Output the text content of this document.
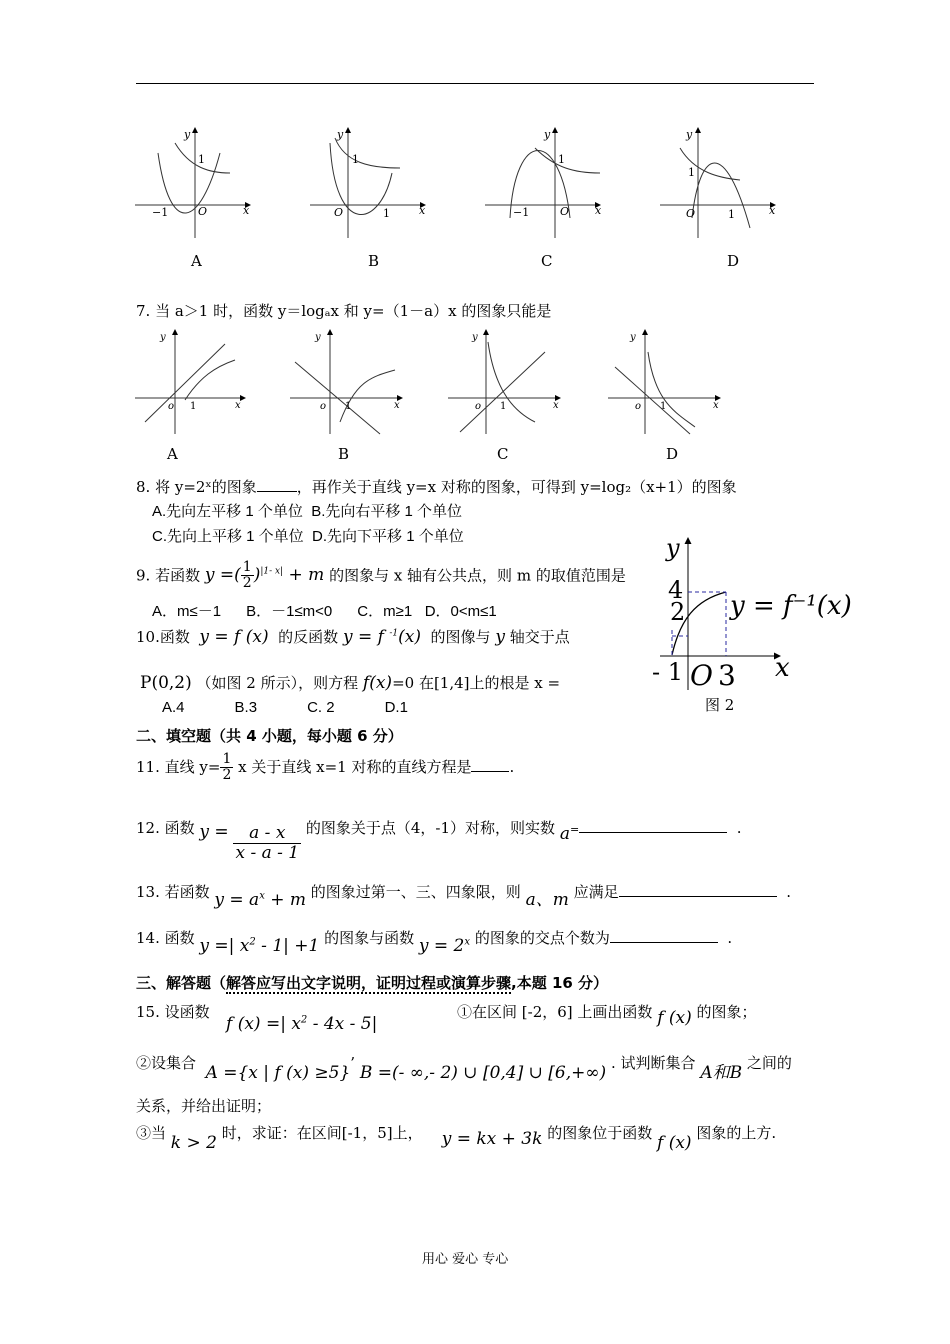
−1	O
1
x
y
O	1
1
x
y
−1	O
1
x
y
O	1
1
x
y
A	B	C	D
7. 当 a＞1 时，函数 y＝logₐx 和 y=（1－a）x 的图象只能是
y
o 1	x
y
o 1	x
y
o 1	x
y
o 1	x
A	B	C	D
8. 将 y=2ˣ的图象	，再作关于直线 y=x 对称的图象，可得到 y=log₂（x+1）的图象
A.先向左平移 1 个单位 B.先向右平移 1 个单位
C.先向上平移 1 个单位 D.先向下平移 1 个单位
9. 若函数 y =( $\frac{1}{2} )^{|1- x|} + m$ 的图象与 x 轴有公共点，则 m 的取值范围是
A．m≤－1 B．－1≤m<0 C．m≥1 D．0<m≤1
10.函数 y = f (x) 的反函数 y = f $^{-1}$(x) 的图像与 y 轴交于点
P(0,2) （如图 2 所示），则方程 f(x)=0 在[1,4]上的根是 x =
A.4	B.3	C. 2	D.1
y
x
4
2
- 1 O 3
y = f⁻¹(x)
图 2
二、填空题（共 4 小题，每小题 6 分）
11. 直线 $y= \frac{1}{2}$ x 关于直线 x=1 对称的直线方程是	.
12. 函数 $y = \frac{a - x}{x - a - 1}$ 的图象关于点（4，-1）对称，则实数 a=	.
13. 若函数 $y = a^x + m$ 的图象过第一、三、四象限，则 a、m 应满足	.
14. 函数 y =| $x^2 - 1| +1$ 的图象与函数 $y = 2^x$ 的图象的交点个数为	.
三、解答题（解答应写出文字说明，证明过程或演算步骤,本题 16 分）
15. 设函数
f (x) =| $x^2 - 4x - 5|$
①在区间 [-2，6] 上画出函数 f (x) 的图象；
②设集合 A ={x | f (x) ≥5}’ B =(- ∞,- 2) ∪ [0,4] ∪ [6,+∞) . 试判断集合 A和B 之间的
关系，并给出证明；
③当 k > 2 时，求证：在区间[-1，5]上， y = kx + 3k 的图象位于函数 f (x) 图象的上方.
用心 爱心 专心
